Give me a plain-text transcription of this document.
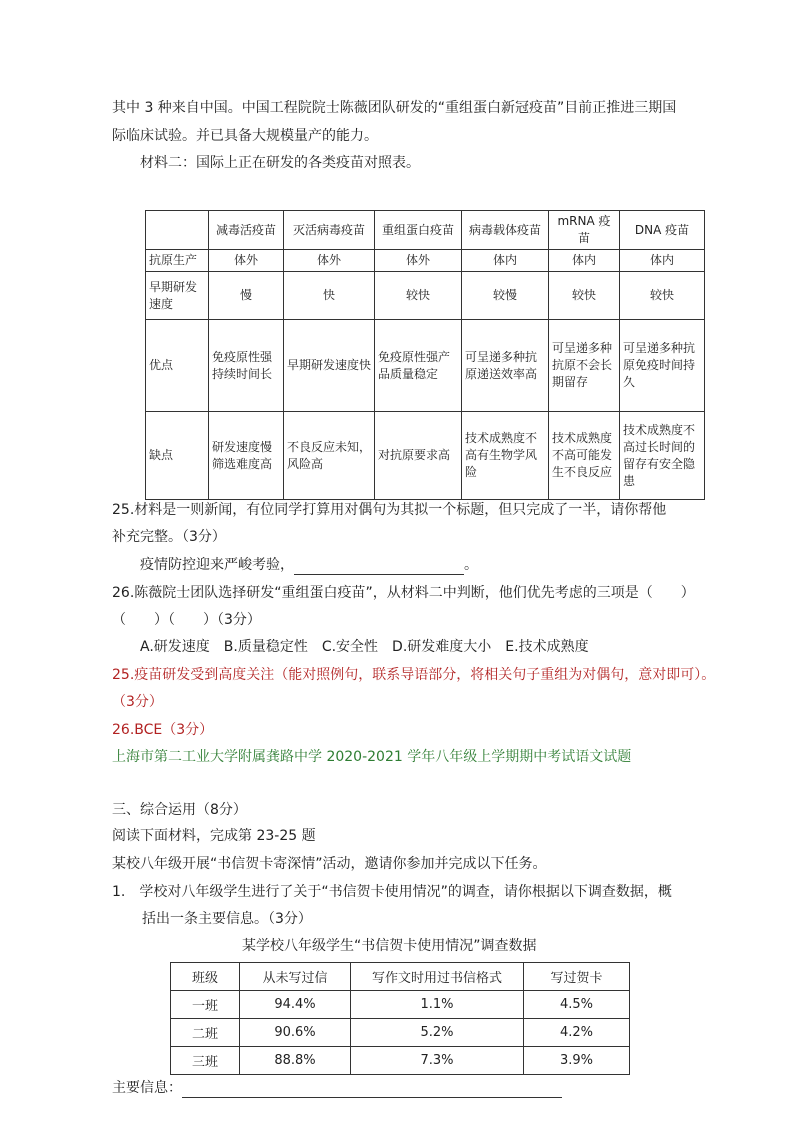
其中 3 种来自中国。中国工程院院士陈薇团队研发的“重组蛋白新冠疫苗”目前正推进三期国
际临床试验。并已具备大规模量产的能力。
材料二：国际上正在研发的各类疫苗对照表。
	减毒活疫苗	灭活病毒疫苗	重组蛋白疫苗	病毒载体疫苗	mRNA 疫苗	DNA 疫苗
抗原生产	体外	体外	体外	体内	体内	体内
早期研发速度	慢	快	较快	较慢	较快	较快
优点	免疫原性强持续时间长	早期研发速度快	免疫原性强产品质量稳定	可呈递多种抗原递送效率高	可呈递多种抗原不会长期留存	可呈递多种抗原免疫时间持久
缺点	研发速度慢筛选难度高	不良反应未知，风险高	对抗原要求高	技术成熟度不高有生物学风险	技术成熟度不高可能发生不良反应	技术成熟度不高过长时间的留存有安全隐患
25.材料是一则新闻，有位同学打算用对偶句为其拟一个标题，但只完成了一半，请你帮他
补充完整。（3分）
疫情防控迎来严峻考验，	。
26.陈薇院士团队选择研发“重组蛋白疫苗”，从材料二中判断，他们优先考虑的三项是（　　）
（　　）（　　）（3分）
A.研发速度　B.质量稳定性　C.安全性　D.研发难度大小　E.技术成熟度
25.疫苗研发受到高度关注（能对照例句，联系导语部分，将相关句子重组为对偶句，意对即可）。
（3分）
26.BCE（3分）
上海市第二工业大学附属龚路中学 2020-2021 学年八年级上学期期中考试语文试题
三、综合运用（8分）
阅读下面材料，完成第 23-25 题
某校八年级开展“书信贺卡寄深情”活动，邀请你参加并完成以下任务。
1.　学校对八年级学生进行了关于“书信贺卡使用情况”的调查，请你根据以下调查数据，概
括出一条主要信息。（3分）
某学校八年级学生“书信贺卡使用情况”调查数据
班级	从未写过信	写作文时用过书信格式	写过贺卡
一班	94.4%	1.1%	4.5%
二班	90.6%	5.2%	4.2%
三班	88.8%	7.3%	3.9%
主要信息：
